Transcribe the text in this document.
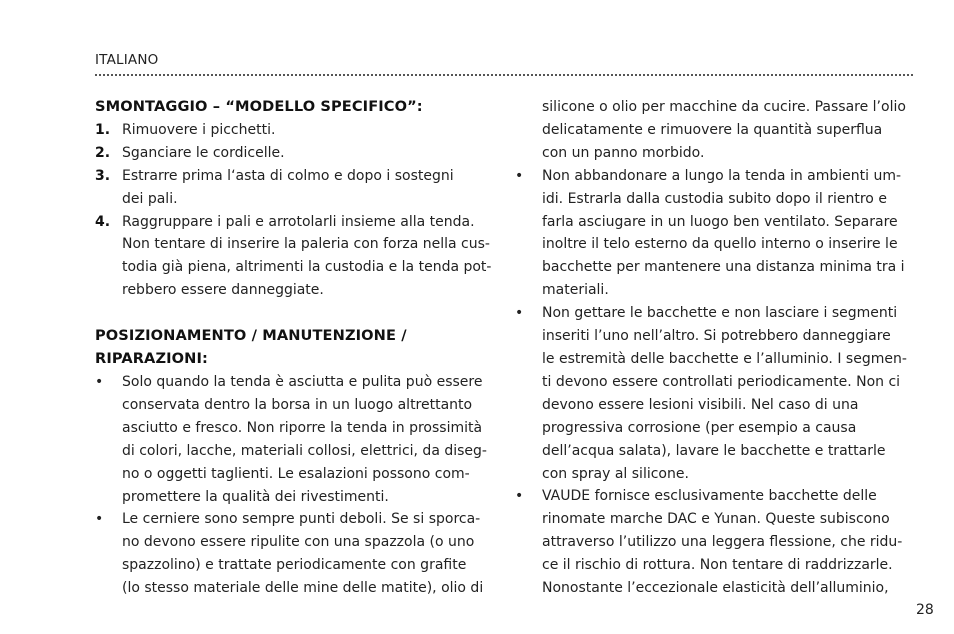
ITALIANO
SMONTAGGIO – “MODELLO SPECIFICO”:
1. Rimuovere i picchetti.
2. Sganciare le cordicelle.
3. Estrarre prima l‘asta di colmo e dopo i sostegni
dei pali.
4. Raggruppare i pali e arrotolarli insieme alla tenda.
Non tentare di inserire la paleria con forza nella cus-
todia già piena, altrimenti la custodia e la tenda pot-
rebbero essere danneggiate.
POSIZIONAMENTO / MANUTENZIONE /
RIPARAZIONI:
• Solo quando la tenda è asciutta e pulita può essere
conservata dentro la borsa in un luogo altrettanto
asciutto e fresco. Non riporre la tenda in prossimità
di colori, lacche, materiali collosi, elettrici, da diseg-
no o oggetti taglienti. Le esalazioni possono com-
promettere la qualità dei rivestimenti.
• Le cerniere sono sempre punti deboli. Se si sporca-
no devono essere ripulite con una spazzola (o uno
spazzolino) e trattate periodicamente con grafite
(lo stesso materiale delle mine delle matite), olio di
silicone o olio per macchine da cucire. Passare l’olio
delicatamente e rimuovere la quantità superflua
con un panno morbido.
• Non abbandonare a lungo la tenda in ambienti um-
idi. Estrarla dalla custodia subito dopo il rientro e
farla asciugare in un luogo ben ventilato. Separare
inoltre il telo esterno da quello interno o inserire le
bacchette per mantenere una distanza minima tra i
materiali.
• Non gettare le bacchette e non lasciare i segmenti
inseriti l’uno nell’altro. Si potrebbero danneggiare
le estremità delle bacchette e l’alluminio. I segmen-
ti devono essere controllati periodicamente. Non ci
devono essere lesioni visibili. Nel caso di una
progressiva corrosione (per esempio a causa
dell’acqua salata), lavare le bacchette e trattarle
con spray al silicone.
• VAUDE fornisce esclusivamente bacchette delle
rinomate marche DAC e Yunan. Queste subiscono
attraverso l’utilizzo una leggera flessione, che ridu-
ce il rischio di rottura. Non tentare di raddrizzarle.
Nonostante l’eccezionale elasticità dell’alluminio,
28
